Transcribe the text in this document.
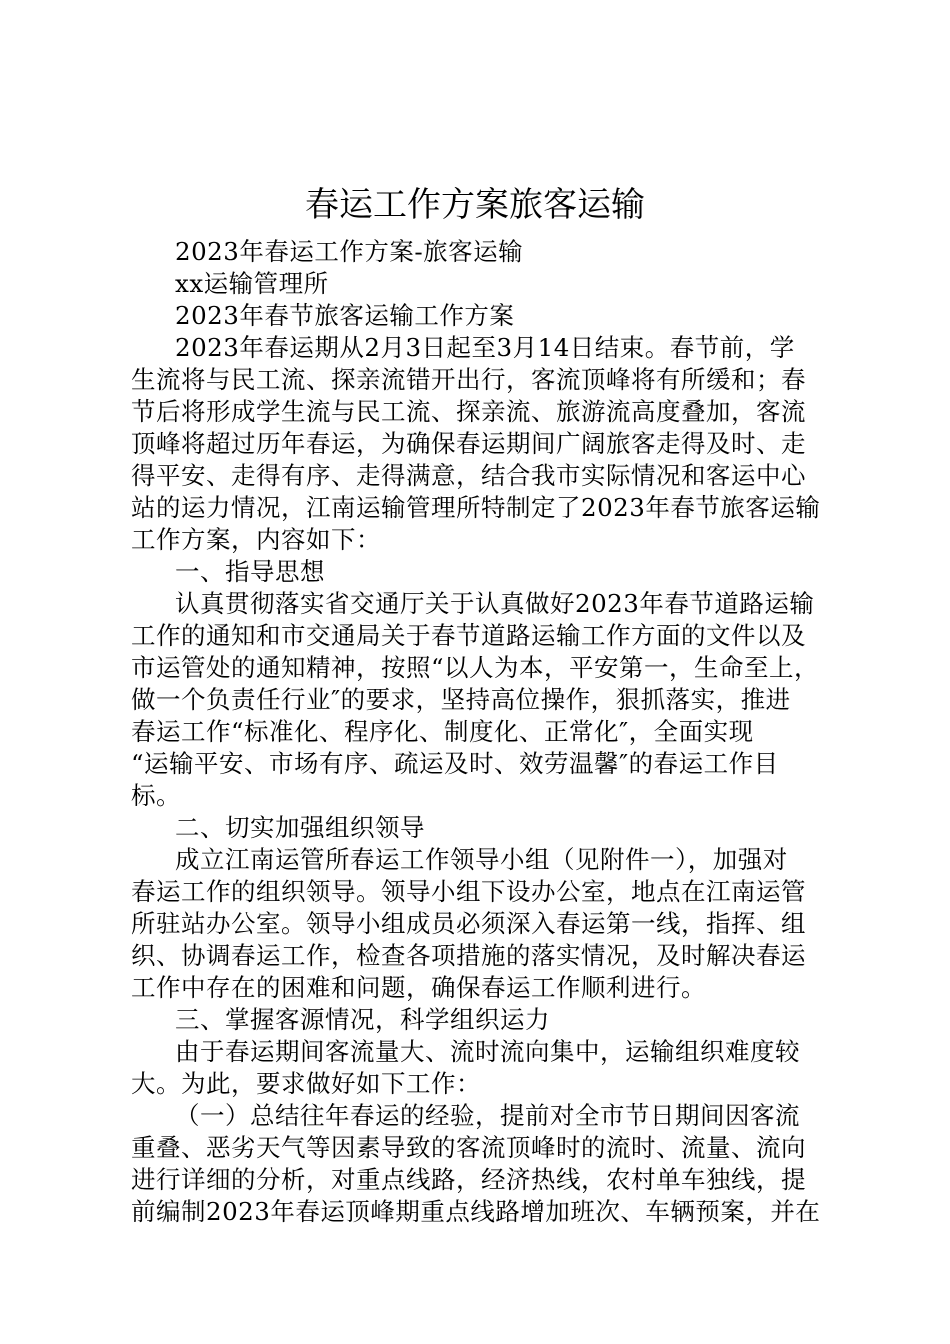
春运工作方案旅客运输
2023年春运工作方案-旅客运输
xx运输管理所
2023年春节旅客运输工作方案
2023年春运期从2月3日起至3月14日结束。春节前，学
生流将与民工流、探亲流错开出行，客流顶峰将有所缓和；春
节后将形成学生流与民工流、探亲流、旅游流高度叠加，客流
顶峰将超过历年春运，为确保春运期间广阔旅客走得及时、走
得平安、走得有序、走得满意，结合我市实际情况和客运中心
站的运力情况，江南运输管理所特制定了2023年春节旅客运输
工作方案，内容如下：
一、指导思想
认真贯彻落实省交通厅关于认真做好2023年春节道路运输
工作的通知和市交通局关于春节道路运输工作方面的文件以及
市运管处的通知精神，按照“以人为本，平安第一，生命至上，
做一个负责任行业″的要求，坚持高位操作，狠抓落实，推进
春运工作“标准化、程序化、制度化、正常化″，全面实现
“运输平安、市场有序、疏运及时、效劳温馨″的春运工作目
标。
二、切实加强组织领导
成立江南运管所春运工作领导小组（见附件一），加强对
春运工作的组织领导。领导小组下设办公室，地点在江南运管
所驻站办公室。领导小组成员必须深入春运第一线，指挥、组
织、协调春运工作，检查各项措施的落实情况，及时解决春运
工作中存在的困难和问题，确保春运工作顺利进行。
三、掌握客源情况，科学组织运力
由于春运期间客流量大、流时流向集中，运输组织难度较
大。为此，要求做好如下工作：
（一）总结往年春运的经验，提前对全市节日期间因客流
重叠、恶劣天气等因素导致的客流顶峰时的流时、流量、流向
进行详细的分析，对重点线路，经济热线，农村单车独线，提
前编制2023年春运顶峰期重点线路增加班次、车辆预案，并在
